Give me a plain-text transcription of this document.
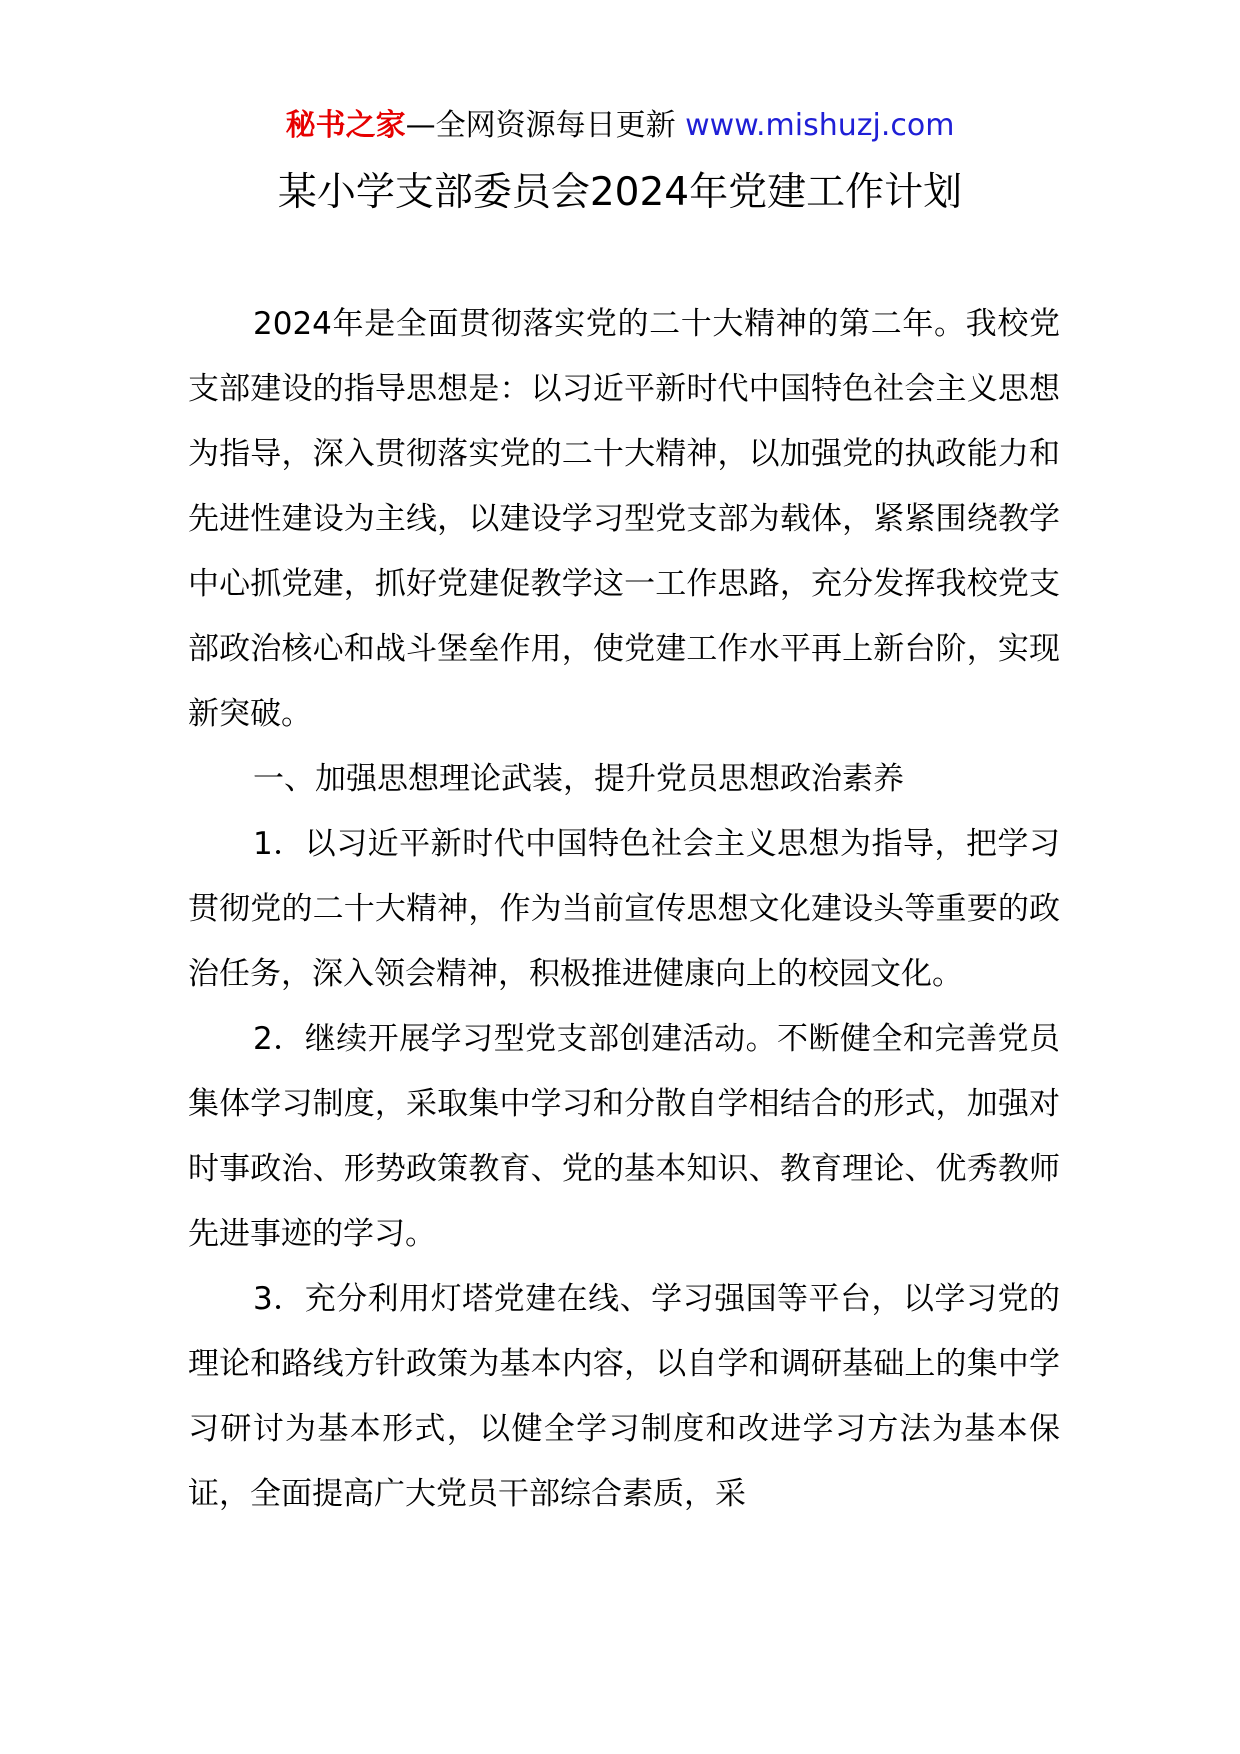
秘书之家—全网资源每日更新 www.mishuzj.com
某小学支部委员会2024年党建工作计划

2024年是全面贯彻落实党的二十大精神的第二年。我校党支部建设的指导思想是：以习近平新时代中国特色社会主义思想为指导，深入贯彻落实党的二十大精神，以加强党的执政能力和先进性建设为主线，以建设学习型党支部为载体，紧紧围绕教学中心抓党建，抓好党建促教学这一工作思路，充分发挥我校党支部政治核心和战斗堡垒作用，使党建工作水平再上新台阶，实现新突破。

一、加强思想理论武装，提升党员思想政治素养

1．以习近平新时代中国特色社会主义思想为指导，把学习贯彻党的二十大精神，作为当前宣传思想文化建设头等重要的政治任务，深入领会精神，积极推进健康向上的校园文化。

2．继续开展学习型党支部创建活动。不断健全和完善党员集体学习制度，采取集中学习和分散自学相结合的形式，加强对时事政治、形势政策教育、党的基本知识、教育理论、优秀教师先进事迹的学习。

3．充分利用灯塔党建在线、学习强国等平台，以学习党的理论和路线方针政策为基本内容，以自学和调研基础上的集中学习研讨为基本形式，以健全学习制度和改进学习方法为基本保证，全面提高广大党员干部综合素质，采
